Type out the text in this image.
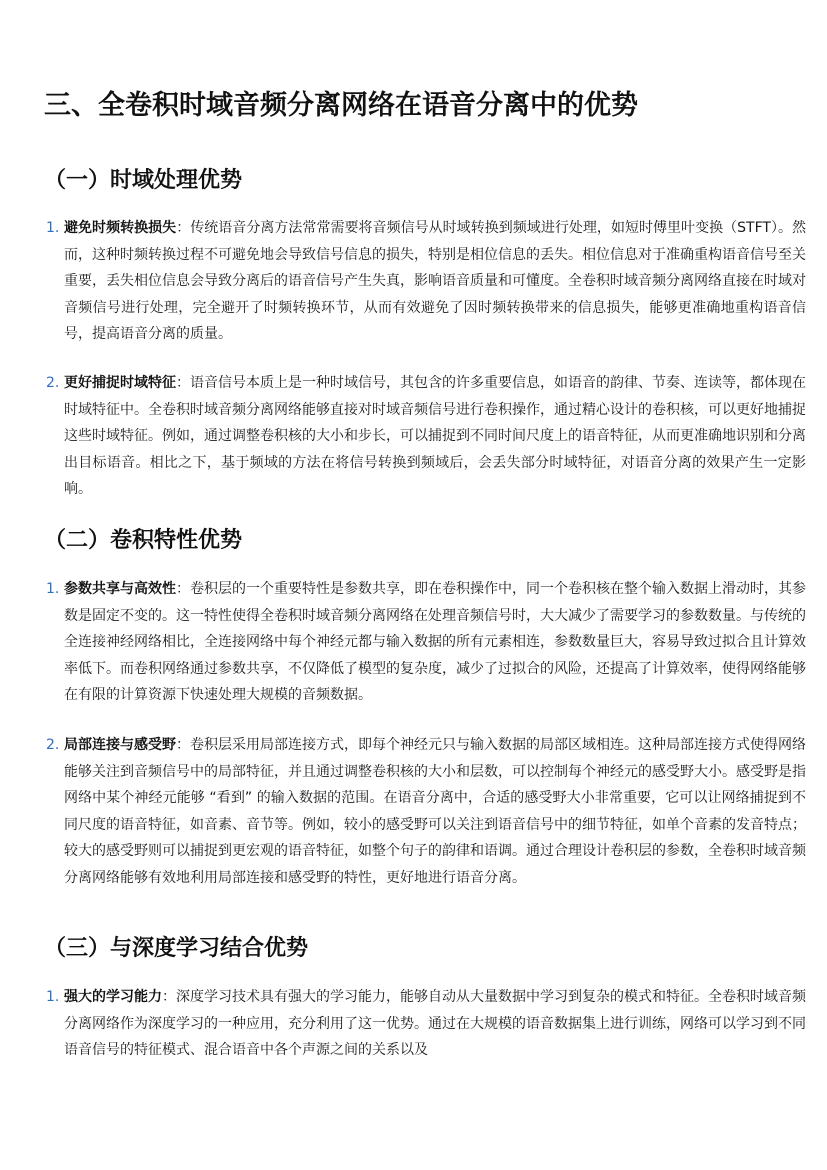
三、全卷积时域音频分离网络在语音分离中的优势
（一）时域处理优势
1. 避免时频转换损失：传统语音分离方法常常需要将音频信号从时域转换到频域进行处理，如短时傅里叶变换（STFT）。然而，这种时频转换过程不可避免地会导致信号信息的损失，特别是相位信息的丢失。相位信息对于准确重构语音信号至关重要，丢失相位信息会导致分离后的语音信号产生失真，影响语音质量和可懂度。全卷积时域音频分离网络直接在时域对音频信号进行处理，完全避开了时频转换环节，从而有效避免了因时频转换带来的信息损失，能够更准确地重构语音信号，提高语音分离的质量。

2. 更好捕捉时域特征：语音信号本质上是一种时域信号，其包含的许多重要信息，如语音的韵律、节奏、连读等，都体现在时域特征中。全卷积时域音频分离网络能够直接对时域音频信号进行卷积操作，通过精心设计的卷积核，可以更好地捕捉这些时域特征。例如，通过调整卷积核的大小和步长，可以捕捉到不同时间尺度上的语音特征，从而更准确地识别和分离出目标语音。相比之下，基于频域的方法在将信号转换到频域后，会丢失部分时域特征，对语音分离的效果产生一定影响。

（二）卷积特性优势
1. 参数共享与高效性：卷积层的一个重要特性是参数共享，即在卷积操作中，同一个卷积核在整个输入数据上滑动时，其参数是固定不变的。这一特性使得全卷积时域音频分离网络在处理音频信号时，大大减少了需要学习的参数数量。与传统的全连接神经网络相比，全连接网络中每个神经元都与输入数据的所有元素相连，参数数量巨大，容易导致过拟合且计算效率低下。而卷积网络通过参数共享，不仅降低了模型的复杂度，减少了过拟合的风险，还提高了计算效率，使得网络能够在有限的计算资源下快速处理大规模的音频数据。

2. 局部连接与感受野：卷积层采用局部连接方式，即每个神经元只与输入数据的局部区域相连。这种局部连接方式使得网络能够关注到音频信号中的局部特征，并且通过调整卷积核的大小和层数，可以控制每个神经元的感受野大小。感受野是指网络中某个神经元能够 “看到” 的输入数据的范围。在语音分离中，合适的感受野大小非常重要，它可以让网络捕捉到不同尺度的语音特征，如音素、音节等。例如，较小的感受野可以关注到语音信号中的细节特征，如单个音素的发音特点；较大的感受野则可以捕捉到更宏观的语音特征，如整个句子的韵律和语调。通过合理设计卷积层的参数，全卷积时域音频分离网络能够有效地利用局部连接和感受野的特性，更好地进行语音分离。

（三）与深度学习结合优势
1. 强大的学习能力：深度学习技术具有强大的学习能力，能够自动从大量数据中学习到复杂的模式和特征。全卷积时域音频分离网络作为深度学习的一种应用，充分利用了这一优势。通过在大规模的语音数据集上进行训练，网络可以学习到不同语音信号的特征模式、混合语音中各个声源之间的关系以及
